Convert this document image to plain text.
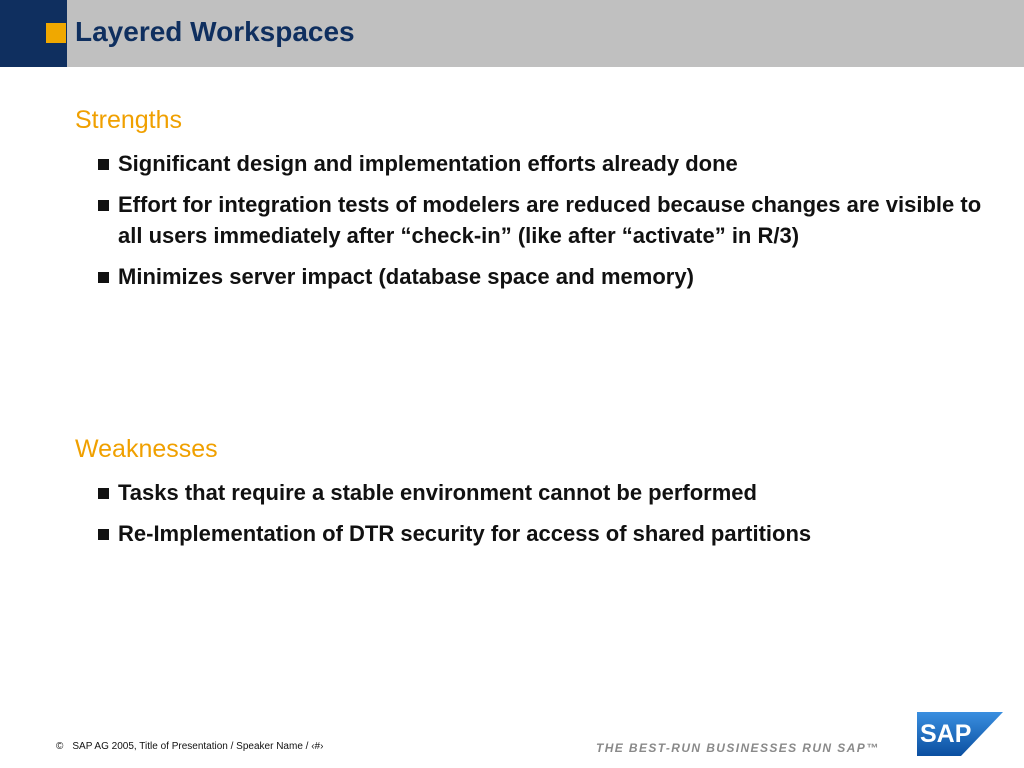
Layered Workspaces
Strengths
Significant design and implementation efforts already done
Effort for integration tests of modelers are reduced because changes are visible to all users immediately after “check-in” (like after “activate” in R/3)
Minimizes server impact (database space and memory)
Weaknesses
Tasks that require a stable environment cannot be performed
Re-Implementation of DTR security for access of shared partitions
© SAP AG 2005, Title of Presentation / Speaker Name / ‹#›	THE BEST-RUN BUSINESSES RUN SAP™ SAP
®
